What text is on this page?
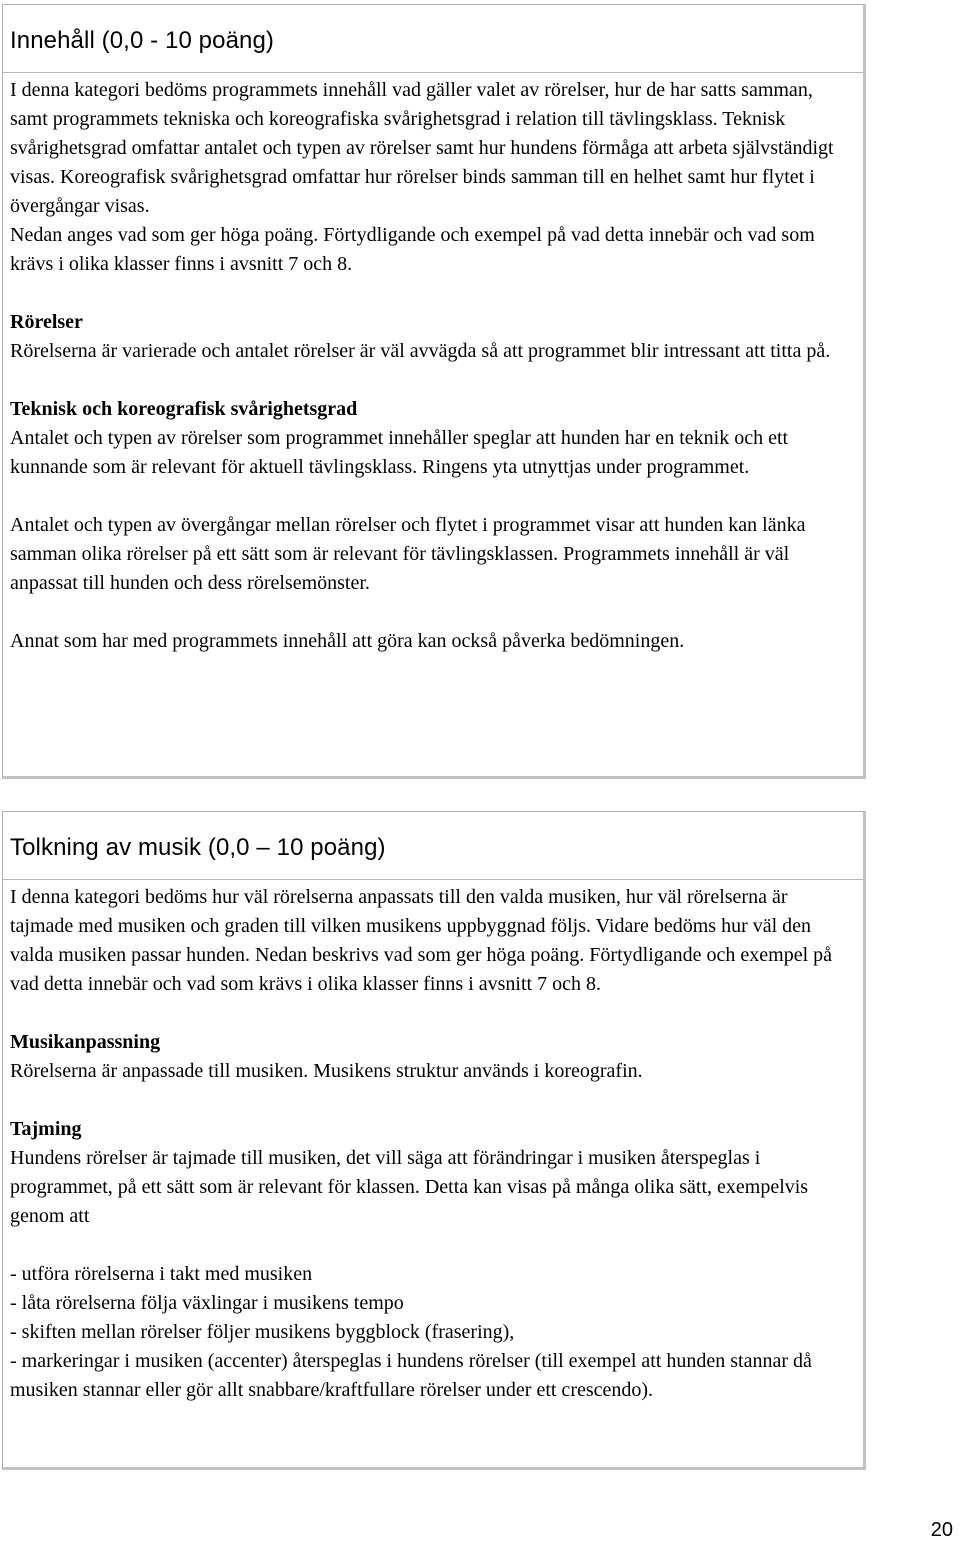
Innehåll (0,0 - 10 poäng)

I denna kategori bedöms programmets innehåll vad gäller valet av rörelser, hur de har satts samman, samt programmets tekniska och koreografiska svårighetsgrad i relation till tävlingsklass. Teknisk svårighetsgrad omfattar antalet och typen av rörelser samt hur hundens förmåga att arbeta självständigt visas. Koreografisk svårighetsgrad omfattar hur rörelser binds samman till en helhet samt hur flytet i övergångar visas.

Nedan anges vad som ger höga poäng. Förtydligande och exempel på vad detta innebär och vad som krävs i olika klasser finns i avsnitt 7 och 8.

Rörelser

Rörelserna är varierade och antalet rörelser är väl avvägda så att programmet blir intressant att titta på.

Teknisk och koreografisk svårighetsgrad

Antalet och typen av rörelser som programmet innehåller speglar att hunden har en teknik och ett kunnande som är relevant för aktuell tävlingsklass. Ringens yta utnyttjas under programmet.

Antalet och typen av övergångar mellan rörelser och flytet i programmet visar att hunden kan länka samman olika rörelser på ett sätt som är relevant för tävlingsklassen. Programmets innehåll är väl anpassat till hunden och dess rörelsemönster.

Annat som har med programmets innehåll att göra kan också påverka bedömningen.

Tolkning av musik (0,0 – 10 poäng)

I denna kategori bedöms hur väl rörelserna anpassats till den valda musiken, hur väl rörelserna är tajmade med musiken och graden till vilken musikens uppbyggnad följs. Vidare bedöms hur väl den valda musiken passar hunden. Nedan beskrivs vad som ger höga poäng. Förtydligande och exempel på vad detta innebär och vad som krävs i olika klasser finns i avsnitt 7 och 8.

Musikanpassning

Rörelserna är anpassade till musiken. Musikens struktur används i koreografin.

Tajming

Hundens rörelser är tajmade till musiken, det vill säga att förändringar i musiken återspeglas i programmet, på ett sätt som är relevant för klassen. Detta kan visas på många olika sätt, exempelvis genom att

- utföra rörelserna i takt med musiken

- låta rörelserna följa växlingar i musikens tempo

- skiften mellan rörelser följer musikens byggblock (frasering),

- markeringar i musiken (accenter) återspeglas i hundens rörelser (till exempel att hunden stannar då musiken stannar eller gör allt snabbare/kraftfullare rörelser under ett crescendo).

20
